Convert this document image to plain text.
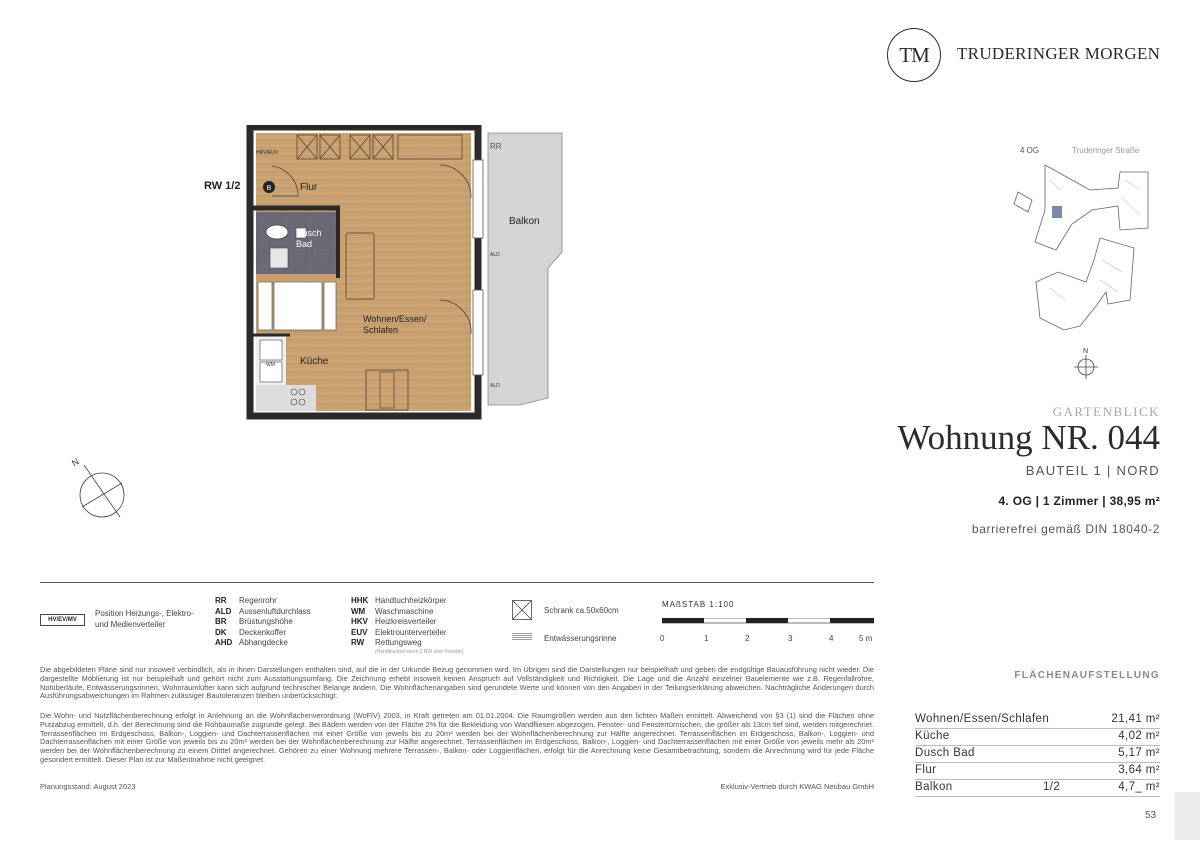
TM	TRUDERINGER MORGEN
RW 1/2	B
HKV/EUV
RR
ALD
ALD
WM
Flur
Dusch
Bad
Wohnen/Essen/
Schlafen
Küche
Balkon
4 OG	Truderinger Straße
N
GARTENBLICK
Wohnung NR. 044
BAUTEIL 1 | NORD
4. OG | 1 Zimmer | 38,95 m²
barrierefrei gemäß DIN 18040-2
N
HV/EV/MV
Position Heizungs-, Elektro- und Medienverteiler
RR	Regenrohr
ALD Aussenluftdurchlass
BR	Brüstungshöhe
DK	Deckenkoffer
AHD Abhangdecke
HHK Handtuchheizkörper
WM	Waschmaschine
HKV Heizkreisverteiler
EUV Elektrounterverteiler
RW	Rettungsweg
(Handbuchrel wenn 2 RW über Fenster)
Schrank ca.50x60cm
Entwässerungsrinne
MAßSTAB 1:100
0	1	2	3	4	5 m
Die abgebildeten Pläne sind nur insoweit verbindlich, als in ihnen Darstellungen enthalten sind, auf die in der Urkunde Bezug genommen wird. Im Übrigen sind die Darstellungen nur beispielhaft und geben die endgültige Bauausführung nicht wieder. Die dargestellte Möblierung ist nur beispielhaft und gehört nicht zum Ausstattungsumfang. Die Zeichnung erhebt insoweit keinen Anspruch auf Vollständigkeit und Richtigkeit. Die Lage und die Anzahl einzelner Bauelemente wie z.B. Regenfallrohre, Notüberläufe, Entwässerungsrinnen, Wohnraumlüfter kann sich aufgrund technischer Belange ändern. Die Wohnflächenangaben sind gerundete Werte und können von den Angaben in der Teilungserklärung abweichen. Nachträgliche Änderungen durch Ausführungsabweichungen im Rahmen zulässiger Bautoleranzen bleiben unberücksichtigt.
Die Wohn- und Nutzflächenberechnung erfolgt in Anlehnung an die Wohnflächenverordnung (WoFlV) 2003, in Kraft getreten am 01.01.2004. Die Raumgrößen werden aus den lichten Maßen ermittelt. Abweichend von §3 (1) sind die Flächen ohne Putzabzug ermittelt, d.h. der Berechnung sind die Rohbaumaße zugrunde gelegt. Bei Bädern werden von der Fläche 2% für die Bekleidung von Wandfliesen abgezogen. Fenster- und Fenstertürnischen, die größer als 13cm tief sind, werden mitgerechnet. Terrassenflächen im Erdgeschoss, Balkon-, Loggien- und Dachterrassenflächen mit einer Größe von jeweils bis zu 20m² werden bei der Wohnflächenberechnung zur Hälfte angerechnet. Terrassenflächen im Erdgeschoss, Balkon-, Loggien- und Dachterrassenflächen mit einer Größe von jeweils bis zu 20m² werden bei der Wohnflächenberechnung zur Hälfte angerechnet. Terrassenflächen im Erdgeschoss, Balkon-, Loggien- und Dachterrassenflächen mit einer Größe von jeweils mehr als 20m² werden bei der Wohnflächenberechnung zu einem Drittel angerechnet. Gehören zu einer Wohnung mehrere Terrassen-, Balkon- oder Loggienflächen, erfolgt für die Anrechnung keine Gesamtbetrachtung, sondern die Anrechnung wird für jede Fläche gesondert ermittelt. Dieser Plan ist zur Maßentnahme nicht geeignet.
Planungsstand: August 2023	Exklusiv-Vertrieb durch KWAG Neubau GmbH
FLÄCHENAUFSTELLUNG
Wohnen/Essen/Schlafen	21,41 m²
Küche	4,02 m²
Dusch Bad	5,17 m²
Flur	3,64 m²
Balkon	1/2	4,7_ m²
53
